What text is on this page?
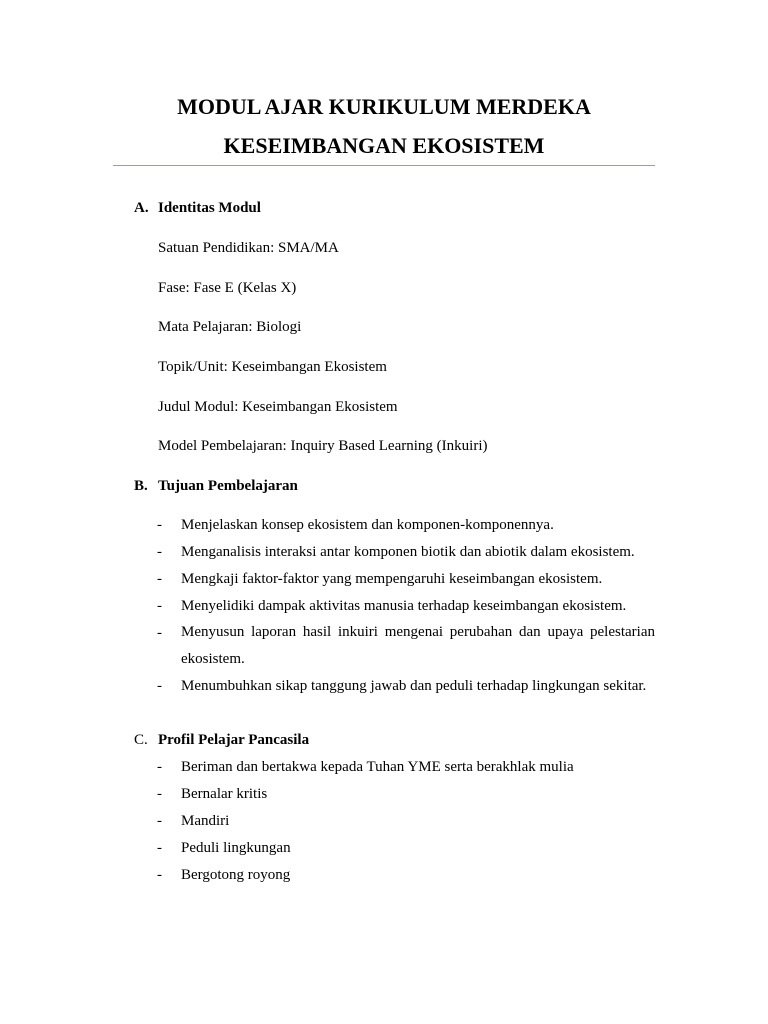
MODUL AJAR KURIKULUM MERDEKA
KESEIMBANGAN EKOSISTEM
A. Identitas Modul
Satuan Pendidikan: SMA/MA
Fase: Fase E (Kelas X)
Mata Pelajaran: Biologi
Topik/Unit: Keseimbangan Ekosistem
Judul Modul: Keseimbangan Ekosistem
Model Pembelajaran: Inquiry Based Learning (Inkuiri)
B. Tujuan Pembelajaran
- Menjelaskan konsep ekosistem dan komponen-komponennya.
- Menganalisis interaksi antar komponen biotik dan abiotik dalam ekosistem.
- Mengkaji faktor-faktor yang mempengaruhi keseimbangan ekosistem.
- Menyelidiki dampak aktivitas manusia terhadap keseimbangan ekosistem.
- Menyusun laporan hasil inkuiri mengenai perubahan dan upaya pelestarian ekosistem.
- Menumbuhkan sikap tanggung jawab dan peduli terhadap lingkungan sekitar.
C. Profil Pelajar Pancasila
- Beriman dan bertakwa kepada Tuhan YME serta berakhlak mulia
- Bernalar kritis
- Mandiri
- Peduli lingkungan
- Bergotong royong
